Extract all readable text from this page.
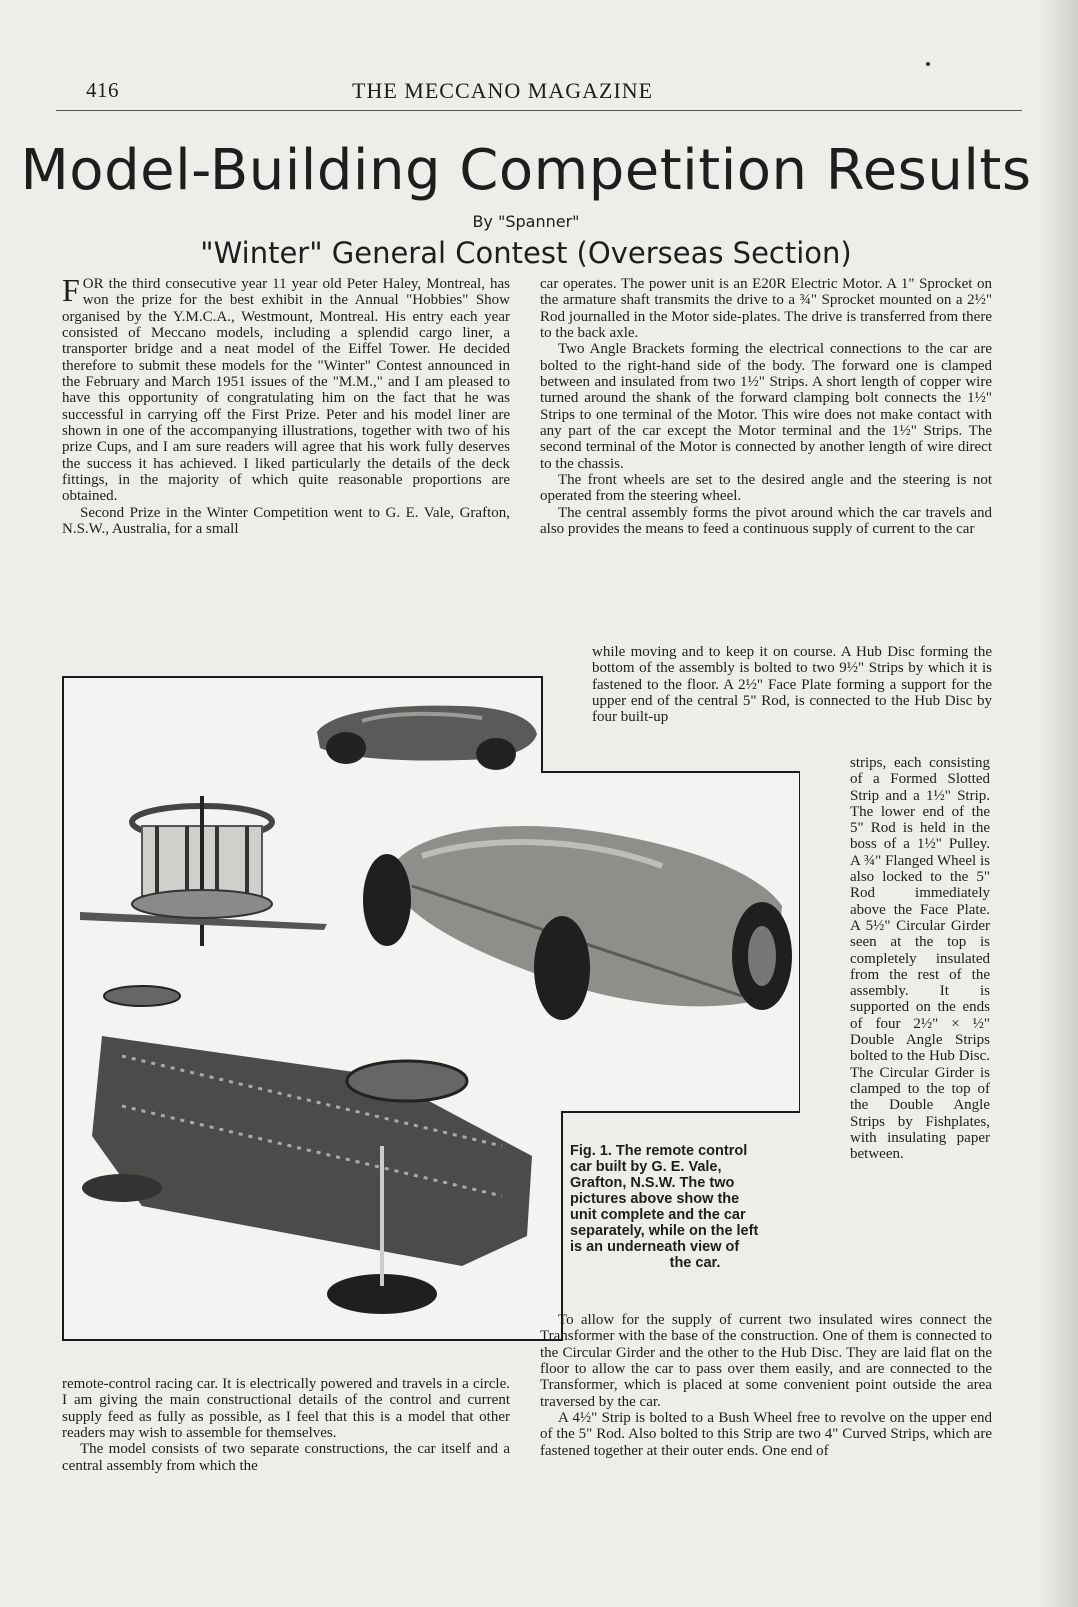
416	THE MECCANO MAGAZINE
Model-Building Competition Results
By "Spanner"
"Winter" General Contest (Overseas Section)

FOR the third consecutive year 11 year old Peter Haley, Montreal, has won the prize for the best exhibit in the Annual "Hobbies" Show organised by the Y.M.C.A., Westmount, Montreal. His entry each year consisted of Meccano models, including a splendid cargo liner, a transporter bridge and a neat model of the Eiffel Tower. He decided therefore to submit these models for the "Winter" Contest announced in the February and March 1951 issues of the "M.M.," and I am pleased to have this opportunity of congratulating him on the fact that he was successful in carrying off the First Prize. Peter and his model liner are shown in one of the accompanying illustrations, together with two of his prize Cups, and I am sure readers will agree that his work fully deserves the success it has achieved. I liked particularly the details of the deck fittings, in the majority of which quite reasonable proportions are obtained.

Second Prize in the Winter Competition went to G. E. Vale, Grafton, N.S.W., Australia, for a small

car operates. The power unit is an E20R Electric Motor. A 1" Sprocket on the armature shaft transmits the drive to a ¾" Sprocket mounted on a 2½" Rod journalled in the Motor side-plates. The drive is transferred from there to the back axle.

Two Angle Brackets forming the electrical connections to the car are bolted to the right-hand side of the body. The forward one is clamped between and insulated from two 1½" Strips. A short length of copper wire turned around the shank of the forward clamping bolt connects the 1½" Strips to one terminal of the Motor. This wire does not make contact with any part of the car except the Motor terminal and the 1½" Strips. The second terminal of the Motor is connected by another length of wire direct to the chassis.

The front wheels are set to the desired angle and the steering is not operated from the steering wheel.

The central assembly forms the pivot around which the car travels and also provides the means to feed a continuous supply of current to the car

while moving and to keep it on course. A Hub Disc forming the bottom of the assembly is bolted to two 9½" Strips by which it is fastened to the floor. A 2½" Face Plate forming a support for the upper end of the central 5" Rod, is connected to the Hub Disc by four built-up

strips, each consisting of a Formed Slotted Strip and a 1½" Strip. The lower end of the 5" Rod is held in the boss of a 1½" Pulley. A ¾" Flanged Wheel is also locked to the 5" Rod immediately above the Face Plate. A 5½" Circular Girder seen at the top is completely insulated from the rest of the assembly. It is supported on the ends of four 2½" × ½" Double Angle Strips bolted to the Hub Disc. The Circular Girder is clamped to the top of the Double Angle Strips by Fishplates, with insulating paper between.

Fig. 1. The remote control
car built by G. E. Vale,
Grafton, N.S.W. The two
pictures above show the
unit complete and the car
separately, while on the left
is an underneath view of
the car.

remote-control racing car. It is electrically powered and travels in a circle. I am giving the main constructional details of the control and current supply feed as fully as possible, as I feel that this is a model that other readers may wish to assemble for themselves.

The model consists of two separate constructions, the car itself and a central assembly from which the

To allow for the supply of current two insulated wires connect the Transformer with the base of the construction. One of them is connected to the Circular Girder and the other to the Hub Disc. They are laid flat on the floor to allow the car to pass over them easily, and are connected to the Transformer, which is placed at some convenient point outside the area traversed by the car.

A 4½" Strip is bolted to a Bush Wheel free to revolve on the upper end of the 5" Rod. Also bolted to this Strip are two 4" Curved Strips, which are fastened together at their outer ends. One end of
